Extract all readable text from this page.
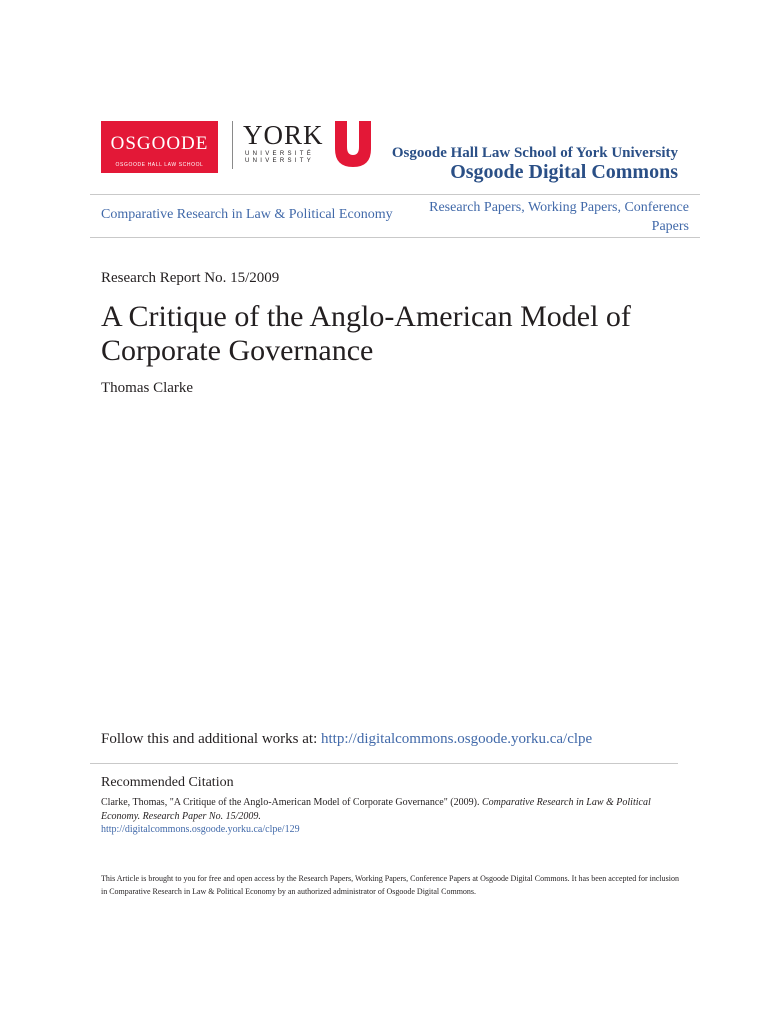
OSGOODE
OSGOODE HALL LAW SCHOOL
YORK
UNIVERSITÉ
UNIVERSITY	Osgoode Hall Law School of York University
Osgoode Digital Commons
Comparative Research in Law & Political Economy	Research Papers, Working Papers, Conference Papers
Research Report No. 15/2009
A Critique of the Anglo-American Model of Corporate Governance
Thomas Clarke
Follow this and additional works at: http://digitalcommons.osgoode.yorku.ca/clpe
Recommended Citation
Clarke, Thomas, "A Critique of the Anglo-American Model of Corporate Governance" (2009). Comparative Research in Law & Political Economy. Research Paper No. 15/2009.
http://digitalcommons.osgoode.yorku.ca/clpe/129
This Article is brought to you for free and open access by the Research Papers, Working Papers, Conference Papers at Osgoode Digital Commons. It has been accepted for inclusion in Comparative Research in Law & Political Economy by an authorized administrator of Osgoode Digital Commons.
